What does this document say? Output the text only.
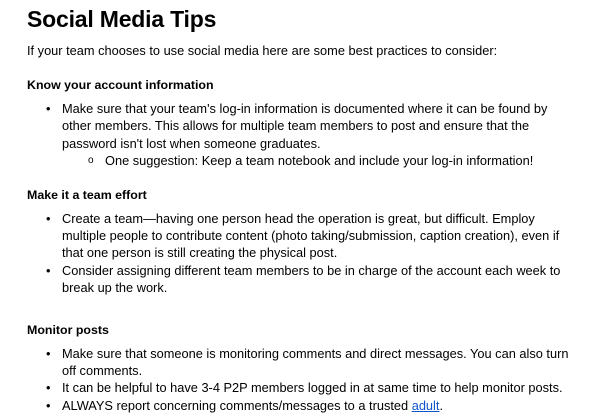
Social Media Tips

If your team chooses to use social media here are some best practices to consider:

Know your account information
• Make sure that your team's log-in information is documented where it can be found by other members. This allows for multiple team members to post and ensure that the password isn't lost when someone graduates.
o One suggestion: Keep a team notebook and include your log-in information!
Make it a team effort
• Create a team—having one person head the operation is great, but difficult. Employ multiple people to contribute content (photo taking/submission, caption creation), even if that one person is still creating the physical post.
• Consider assigning different team members to be in charge of the account each week to break up the work.
Monitor posts
• Make sure that someone is monitoring comments and direct messages. You can also turn off comments.
• It can be helpful to have 3-4 P2P members logged in at same time to help monitor posts.
• ALWAYS report concerning comments/messages to a trusted adult.
